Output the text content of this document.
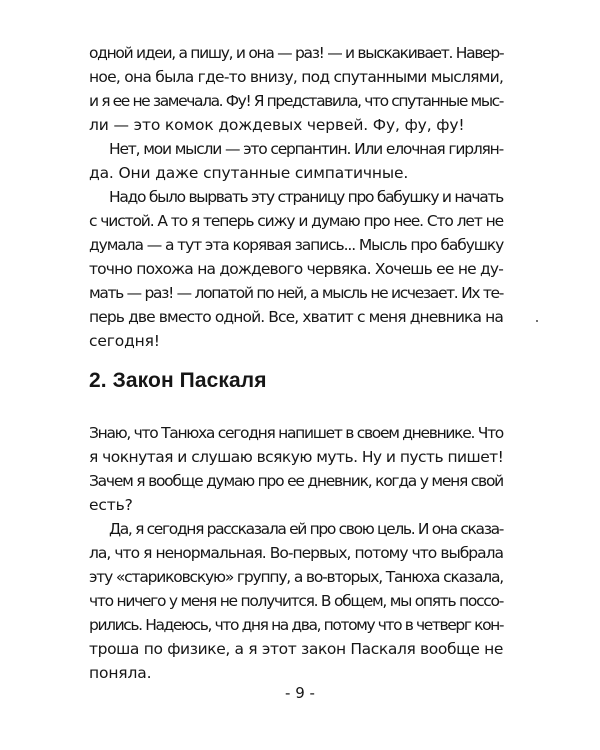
одной идеи, а пишу, и она — раз! — и выскакивает. Навер-
ное, она была где-то внизу, под спутанными мыслями,
и я ее не замечала. Фу! Я представила, что спутанные мыс-
ли — это комок дождевых червей. Фу, фу, фу!
Нет, мои мысли — это серпантин. Или елочная гирлян-
да. Они даже спутанные симпатичные.
Надо было вырвать эту страницу про бабушку и начать
с чистой. А то я теперь сижу и думаю про нее. Сто лет не
думала — а тут эта корявая запись... Мысль про бабушку
точно похожа на дождевого червяка. Хочешь ее не ду-
мать — раз! — лопатой по ней, а мысль не исчезает. Их те-
перь две вместо одной. Все, хватит с меня дневника на
сегодня!
2. Закон Паскаля
Знаю, что Танюха сегодня напишет в своем дневнике. Что
я чокнутая и слушаю всякую муть. Ну и пусть пишет!
Зачем я вообще думаю про ее дневник, когда у меня свой
есть?
Да, я сегодня рассказала ей про свою цель. И она сказа-
ла, что я ненормальная. Во-первых, потому что выбрала
эту «стариковскую» группу, а во-вторых, Танюха сказала,
что ничего у меня не получится. В общем, мы опять поссо-
рились. Надеюсь, что дня на два, потому что в четверг кон-
троша по физике, а я этот закон Паскаля вообще не
поняла.
- 9 -
